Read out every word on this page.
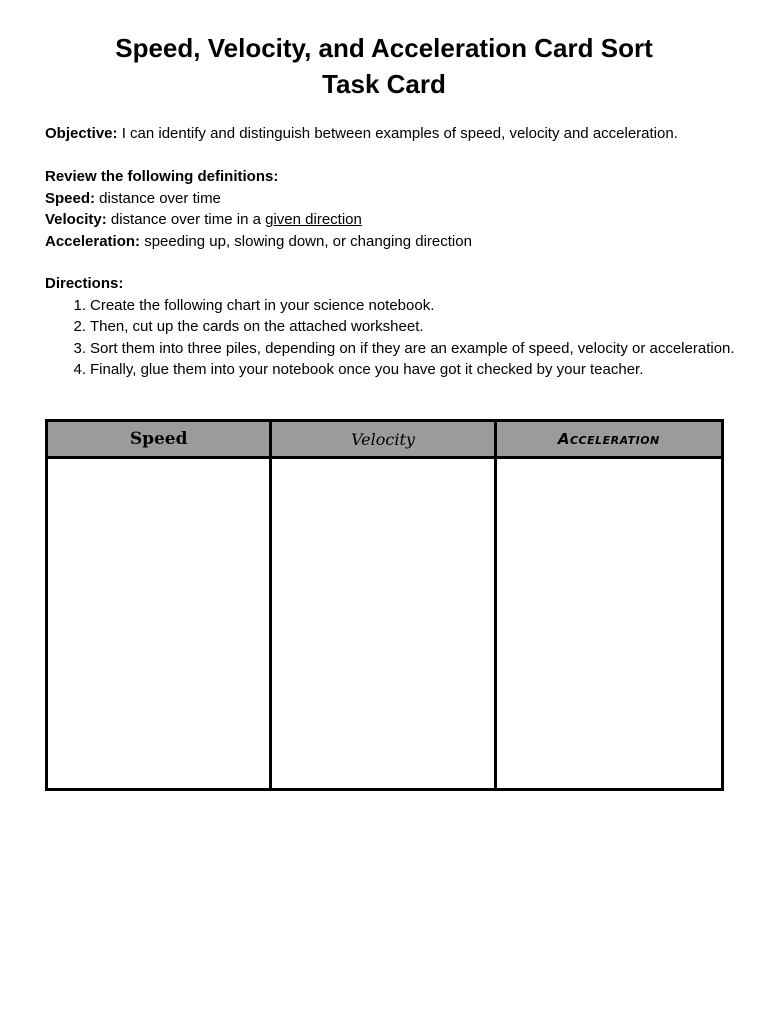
Speed, Velocity, and Acceleration Card Sort
Task Card
Objective: I can identify and distinguish between examples of speed, velocity and acceleration.
Review the following definitions:
Speed: distance over time
Velocity: distance over time in a given direction
Acceleration: speeding up, slowing down, or changing direction
Directions:
1. Create the following chart in your science notebook.
2. Then, cut up the cards on the attached worksheet.
3. Sort them into three piles, depending on if they are an example of speed, velocity or acceleration.
4. Finally, glue them into your notebook once you have got it checked by your teacher.
Speed	Velocity	Acceleration
